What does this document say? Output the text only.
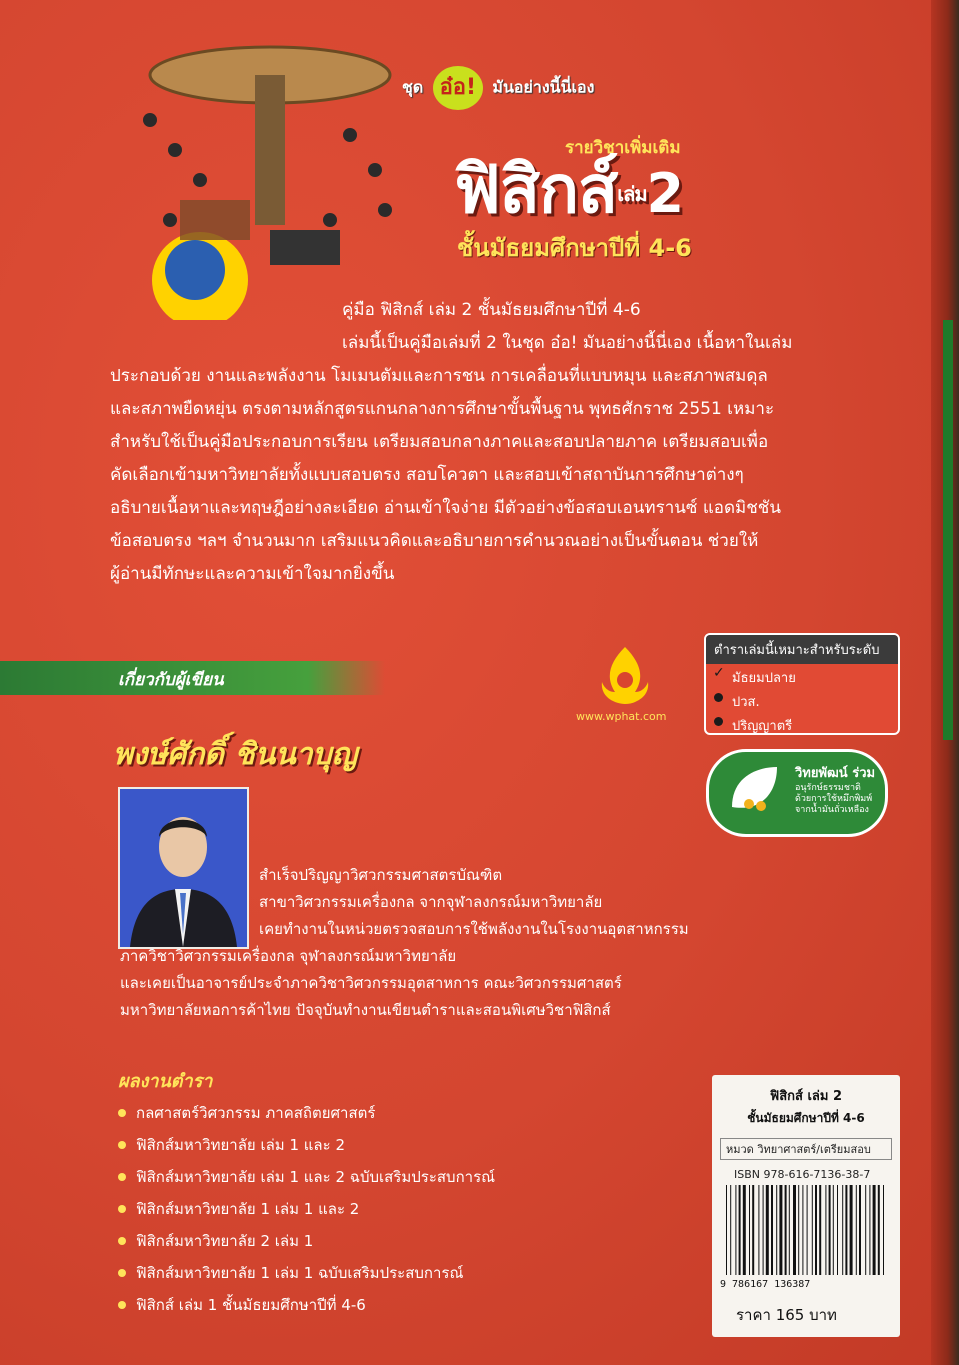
ชุด อ๋อ! มันอย่างนี้นี่เอง
รายวิชาเพิ่มเติม
ฟิสิกส์เล่ม2
ชั้นมัธยมศึกษาปีที่ 4-6
คู่มือ ฟิสิกส์ เล่ม 2 ชั้นมัธยมศึกษาปีที่ 4-6
เล่มนี้เป็นคู่มือเล่มที่ 2 ในชุด อ๋อ! มันอย่างนี้นี่เอง เนื้อหาในเล่ม
ประกอบด้วย งานและพลังงาน โมเมนตัมและการชน การเคลื่อนที่แบบหมุน และสภาพสมดุล
และสภาพยืดหยุ่น ตรงตามหลักสูตรแกนกลางการศึกษาขั้นพื้นฐาน พุทธศักราช 2551 เหมาะ
สำหรับใช้เป็นคู่มือประกอบการเรียน เตรียมสอบกลางภาคและสอบปลายภาค เตรียมสอบเพื่อ
คัดเลือกเข้ามหาวิทยาลัยทั้งแบบสอบตรง สอบโควตา และสอบเข้าสถาบันการศึกษาต่างๆ
อธิบายเนื้อหาและทฤษฎีอย่างละเอียด อ่านเข้าใจง่าย มีตัวอย่างข้อสอบเอนทรานซ์ แอดมิชชัน
ข้อสอบตรง ฯลฯ จำนวนมาก เสริมแนวคิดและอธิบายการคำนวณอย่างเป็นขั้นตอน ช่วยให้
ผู้อ่านมีทักษะและความเข้าใจมากยิ่งขึ้น
เกี่ยวกับผู้เขียน
www.wphat.com
ตำราเล่มนี้เหมาะสำหรับระดับ
✓ มัธยมปลาย
ปวส.
ปริญญาตรี
วิทยพัฒน์ ร่วม
อนุรักษ์ธรรมชาติ
ด้วยการใช้หมึกพิมพ์ จากน้ำมันถั่วเหลือง
พงษ์ศักดิ์ ชินนาบุญ
สำเร็จปริญญาวิศวกรรมศาสตรบัณฑิต
สาขาวิศวกรรมเครื่องกล จากจุฬาลงกรณ์มหาวิทยาลัย
เคยทำงานในหน่วยตรวจสอบการใช้พลังงานในโรงงานอุตสาหกรรม
ภาควิชาวิศวกรรมเครื่องกล จุฬาลงกรณ์มหาวิทยาลัย
และเคยเป็นอาจารย์ประจำภาควิชาวิศวกรรมอุตสาหการ คณะวิศวกรรมศาสตร์
มหาวิทยาลัยหอการค้าไทย ปัจจุบันทำงานเขียนตำราและสอนพิเศษวิชาฟิสิกส์
ผลงานตำรา
กลศาสตร์วิศวกรรม ภาคสถิตยศาสตร์
ฟิสิกส์มหาวิทยาลัย เล่ม 1 และ 2
ฟิสิกส์มหาวิทยาลัย เล่ม 1 และ 2 ฉบับเสริมประสบการณ์
ฟิสิกส์มหาวิทยาลัย 1 เล่ม 1 และ 2
ฟิสิกส์มหาวิทยาลัย 2 เล่ม 1
ฟิสิกส์มหาวิทยาลัย 1 เล่ม 1 ฉบับเสริมประสบการณ์
ฟิสิกส์ เล่ม 1 ชั้นมัธยมศึกษาปีที่ 4-6
ฟิสิกส์ เล่ม 2
ชั้นมัธยมศึกษาปีที่ 4-6
หมวด วิทยาศาสตร์/เตรียมสอบ
ISBN 978-616-7136-38-7
9 786167 136387
ราคา 165 บาท
